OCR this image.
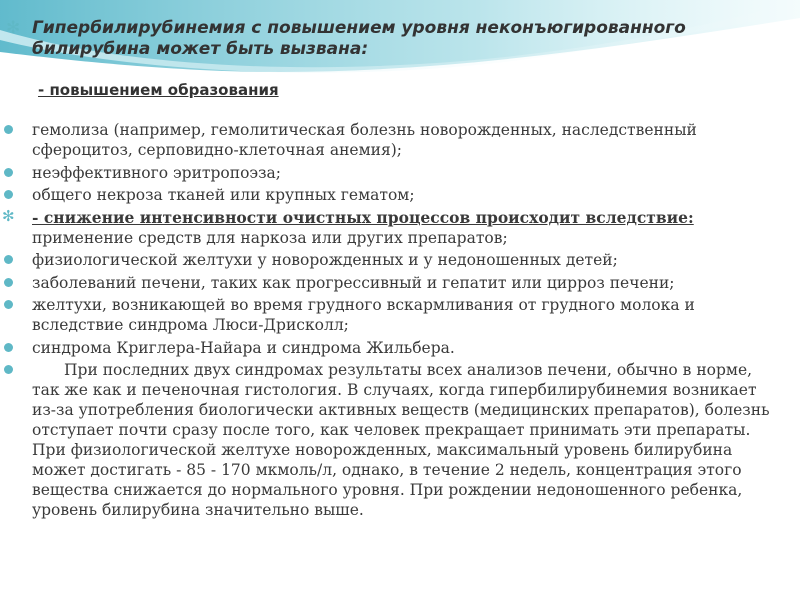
✻ Гипербилирубинемия с повышением уровня неконъюгированного билирубина может быть вызвана:
- повышением образования
гемолиза (например, гемолитическая болезнь новорожденных, наследственный сфероцитоз, серповидно-клеточная анемия);
неэффективного эритропоэза;
общего некроза тканей или крупных гематом;
✻ - снижение интенсивности очистных процессов происходит вследствие:
применение средств для наркоза или других препаратов;
физиологической желтухи у новорожденных и у недоношенных детей;
заболеваний печени, таких как прогрессивный и гепатит или цирроз печени;
желтухи, возникающей во время грудного вскармливания от грудного молока и вследствие синдрома Люси-Дрисколл;
синдрома Криглера-Найара и синдрома Жильбера.
При последних двух синдромах результаты всех анализов печени, обычно в норме, так же как и печеночная гистология. В случаях, когда гипербилирубинемия возникает из-за употребления биологически активных веществ (медицинских препаратов), болезнь отступает почти сразу после того, как человек прекращает принимать эти препараты. При физиологической желтухе новорожденных, максимальный уровень билирубина может достигать - 85 - 170 мкмоль/л, однако, в течение 2 недель, концентрация этого вещества снижается до нормального уровня. При рождении недоношенного ребенка, уровень билирубина значительно выше.
